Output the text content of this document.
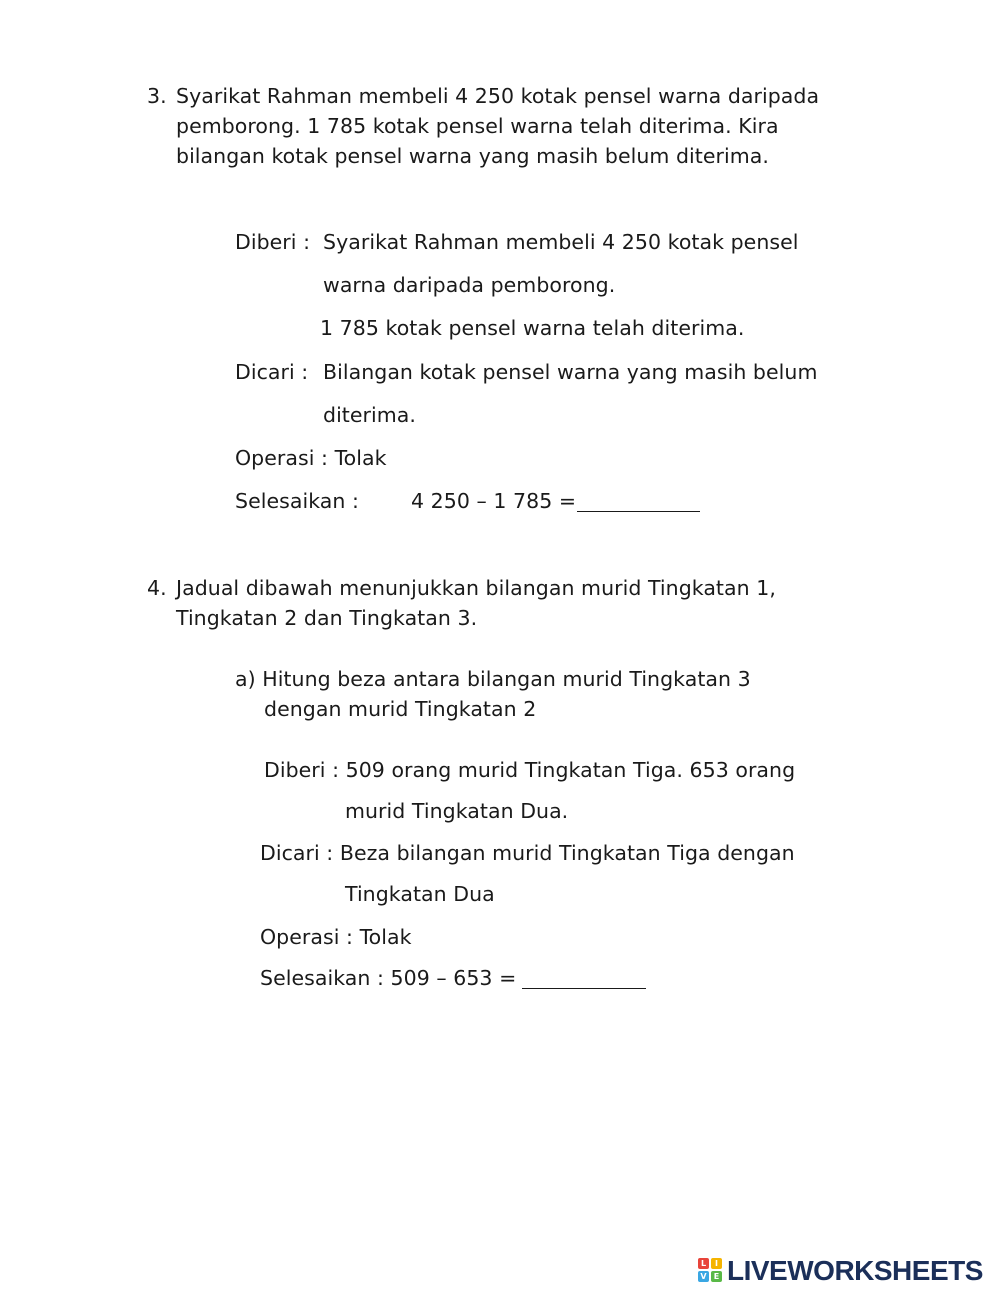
3. Syarikat Rahman membeli 4 250 kotak pensel warna daripada
pemborong. 1 785 kotak pensel warna telah diterima. Kira
bilangan kotak pensel warna yang masih belum diterima.
Diberi : Syarikat Rahman membeli 4 250 kotak pensel
warna daripada pemborong.
1 785 kotak pensel warna telah diterima.
Dicari : Bilangan kotak pensel warna yang masih belum
diterima.
Operasi : Tolak
Selesaikan :	4 250 – 1 785 =
4. Jadual dibawah menunjukkan bilangan murid Tingkatan 1,
Tingkatan 2 dan Tingkatan 3.
a) Hitung beza antara bilangan murid Tingkatan 3
dengan murid Tingkatan 2
Diberi : 509 orang murid Tingkatan Tiga. 653 orang
murid Tingkatan Dua.
Dicari : Beza bilangan murid Tingkatan Tiga dengan
Tingkatan Dua
Operasi : Tolak
Selesaikan : 509 – 653 =
L	I
V E LIVEWORKSHEETS
